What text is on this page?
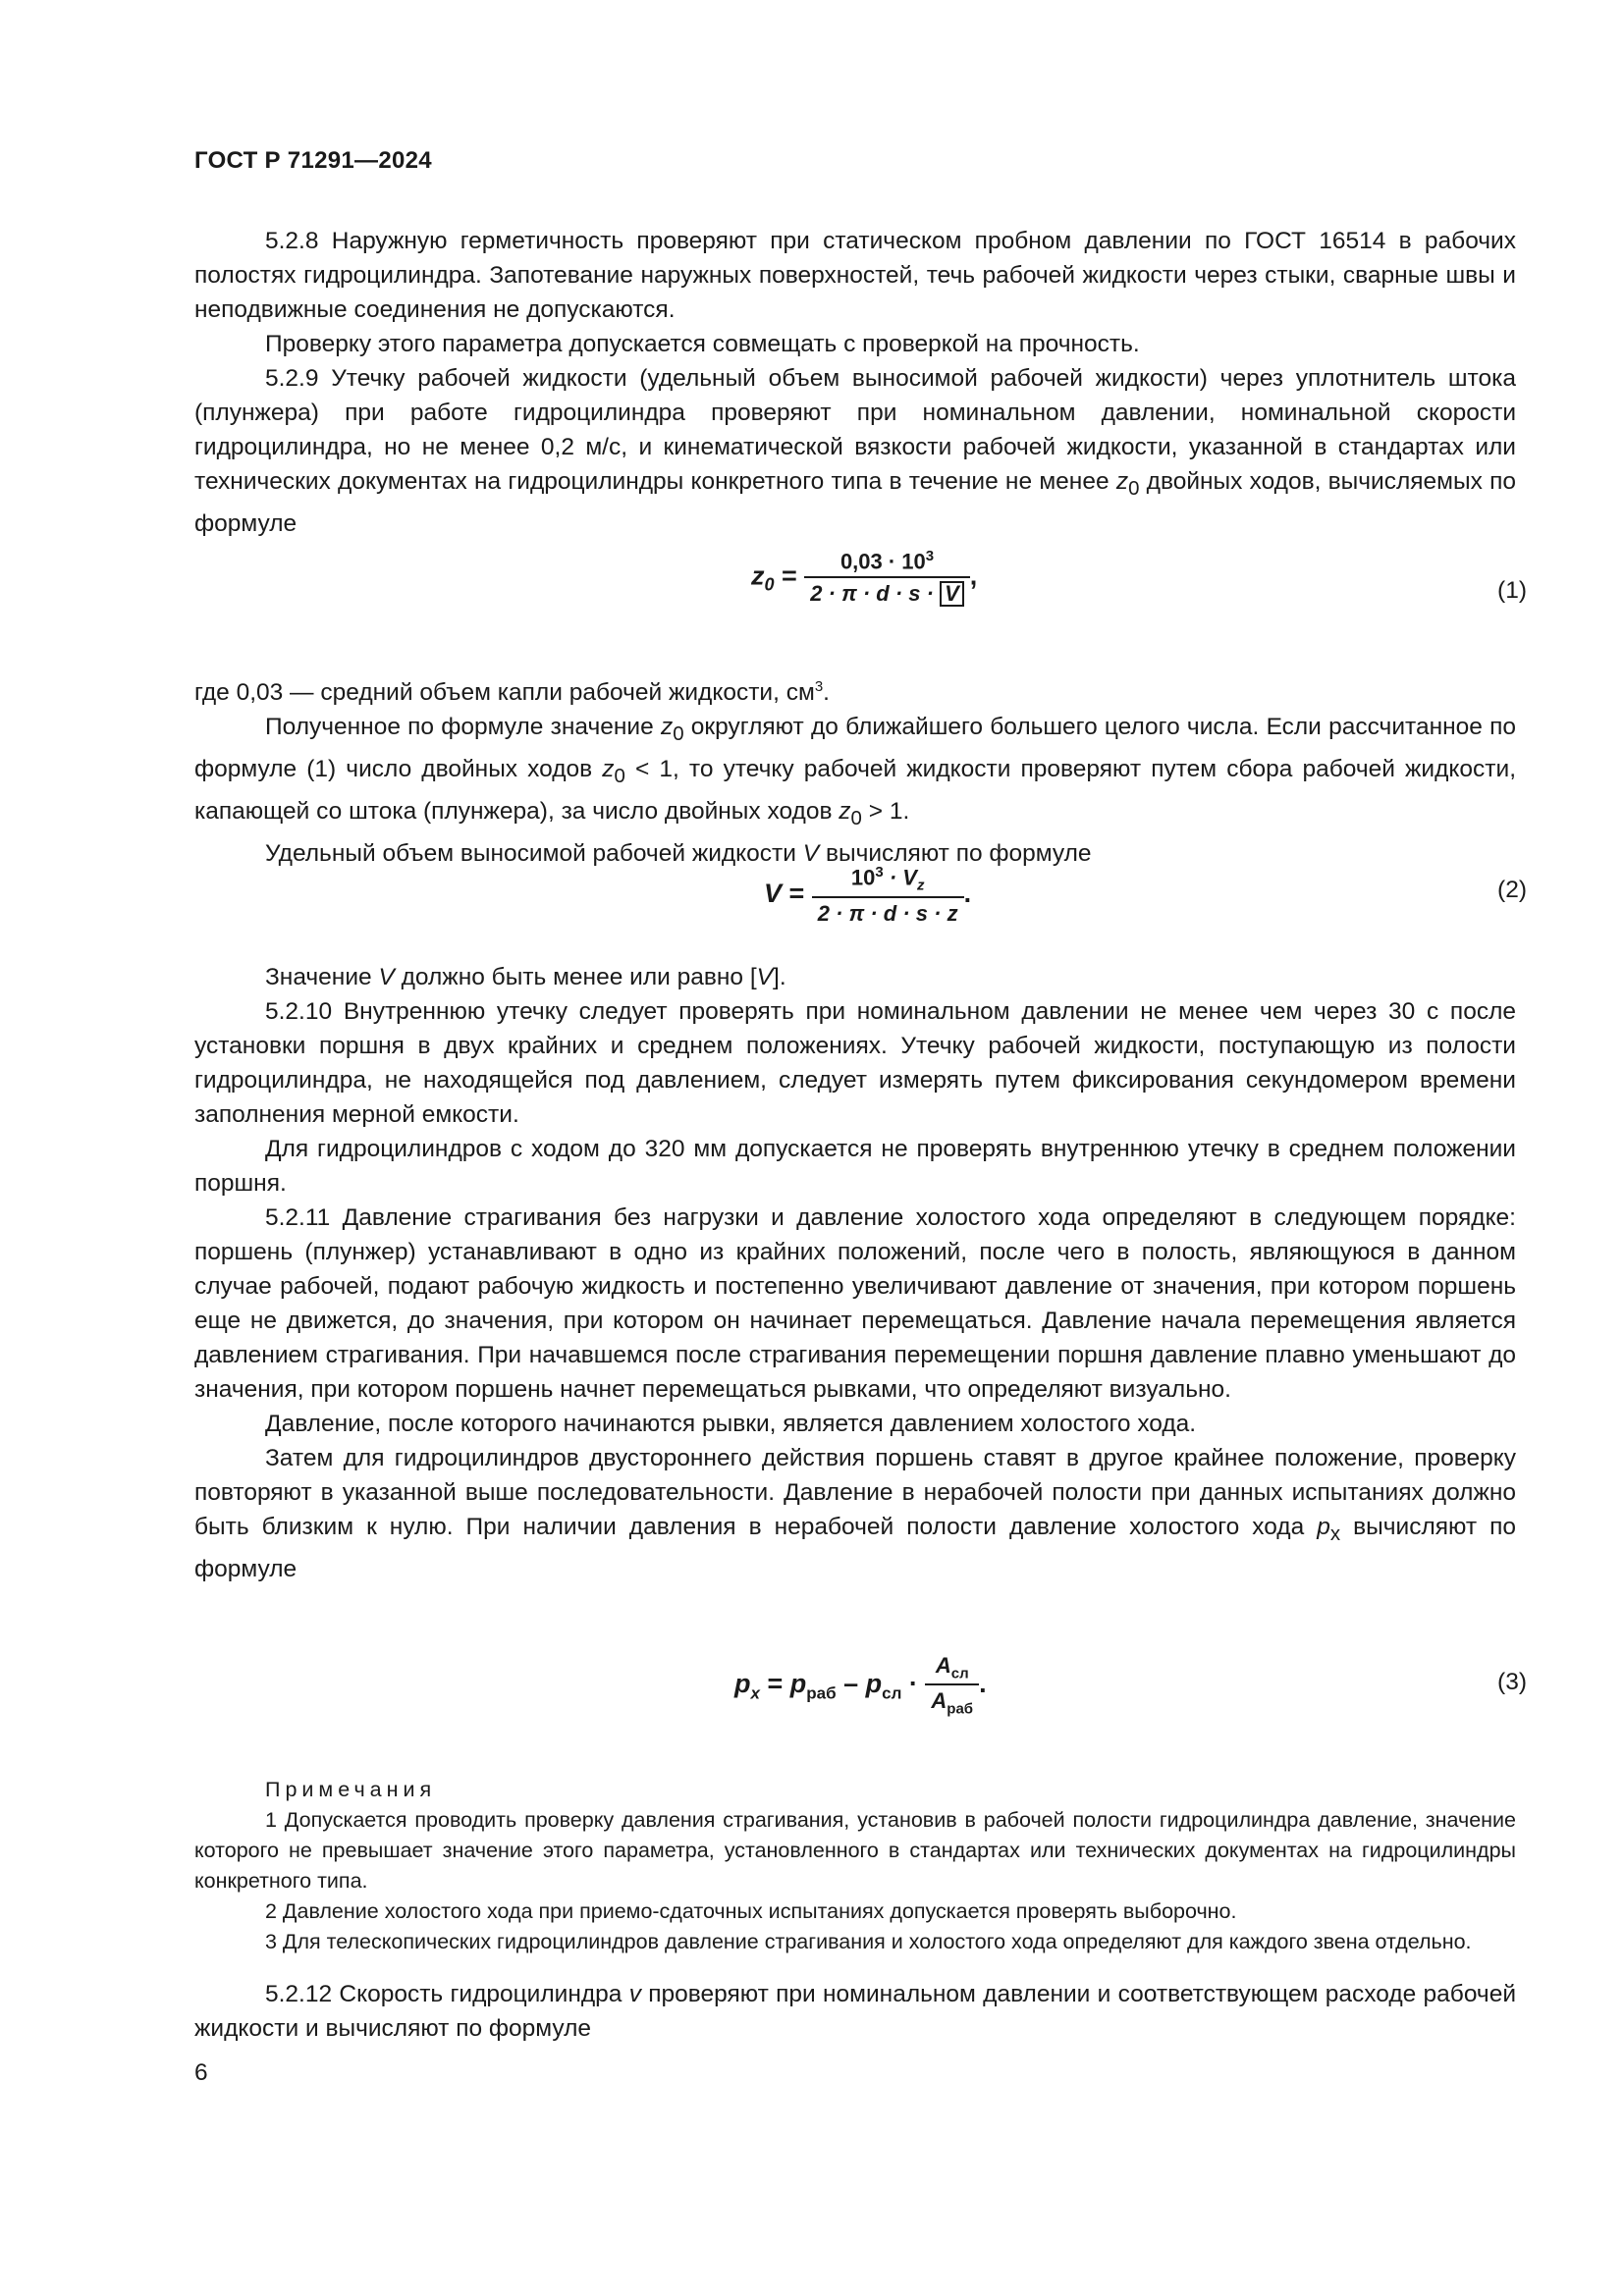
ГОСТ Р 71291—2024

5.2.8 Наружную герметичность проверяют при статическом пробном давлении по ГОСТ 16514 в рабочих полостях гидроцилиндра. Запотевание наружных поверхностей, течь рабочей жидкости через стыки, сварные швы и неподвижные соединения не допускаются.

Проверку этого параметра допускается совмещать с проверкой на прочность.

5.2.9 Утечку рабочей жидкости (удельный объем выносимой рабочей жидкости) через уплотнитель штока (плунжера) при работе гидроцилиндра проверяют при номинальном давлении, номинальной скорости гидроцилиндра, но не менее 0,2 м/с, и кинематической вязкости рабочей жидкости, указанной в стандартах или технических документах на гидроцилиндры конкретного типа в течение не менее $z_0$ двойных ходов, вычисляемых по формуле

$z_0 = \frac{0,03 \cdot 10^3}{2 \cdot \pi \cdot d \cdot s \cdot V}$ ,
(1)

где 0,03 — средний объем капли рабочей жидкости, $см^3$.

Полученное по формуле значение $z_0$ округляют до ближайшего большего целого числа. Если рассчитанное по формуле (1) число двойных ходов $z_0 < 1$, то утечку рабочей жидкости проверяют путем сбора рабочей жидкости, капающей со штока (плунжера), за число двойных ходов $z_0 > 1$.

Удельный объем выносимой рабочей жидкости V вычисляют по формуле

$V = \frac{10^3 \cdot V_z}{2 \cdot \pi \cdot d \cdot s \cdot z}$ .	(2)

Значение V должно быть менее или равно [V].

5.2.10 Внутреннюю утечку следует проверять при номинальном давлении не менее чем через 30 с после установки поршня в двух крайних и среднем положениях. Утечку рабочей жидкости, поступающую из полости гидроцилиндра, не находящейся под давлением, следует измерять путем фиксирования секундомером времени заполнения мерной емкости.

Для гидроцилиндров с ходом до 320 мм допускается не проверять внутреннюю утечку в среднем положении поршня.

5.2.11 Давление страгивания без нагрузки и давление холостого хода определяют в следующем порядке: поршень (плунжер) устанавливают в одно из крайних положений, после чего в полость, являющуюся в данном случае рабочей, подают рабочую жидкость и постепенно увеличивают давление от значения, при котором поршень еще не движется, до значения, при котором он начинает перемещаться. Давление начала перемещения является давлением страгивания. При начавшемся после страгивания перемещении поршня давление плавно уменьшают до значения, при котором поршень начнет перемещаться рывками, что определяют визуально.

Давление, после которого начинаются рывки, является давлением холостого хода.

Затем для гидроцилиндров двустороннего действия поршень ставят в другое крайнее положение, проверку повторяют в указанной выше последовательности. Давление в нерабочей полости при данных испытаниях должно быть близким к нулю. При наличии давления в нерабочей полости давление холостого хода $p_x$ вычисляют по формуле

$p_x = p_{раб} - p_{сл} \cdot \frac{A_{сл}}{A_{раб}}$ .	(3)

Примечания

1 Допускается проводить проверку давления страгивания, установив в рабочей полости гидроцилиндра давление, значение которого не превышает значение этого параметра, установленного в стандартах или технических документах на гидроцилиндры конкретного типа.

2 Давление холостого хода при приемо-сдаточных испытаниях допускается проверять выборочно.

3 Для телескопических гидроцилиндров давление страгивания и холостого хода определяют для каждого звена отдельно.

5.2.12 Скорость гидроцилиндра v проверяют при номинальном давлении и соответствующем расходе рабочей жидкости и вычисляют по формуле

6
